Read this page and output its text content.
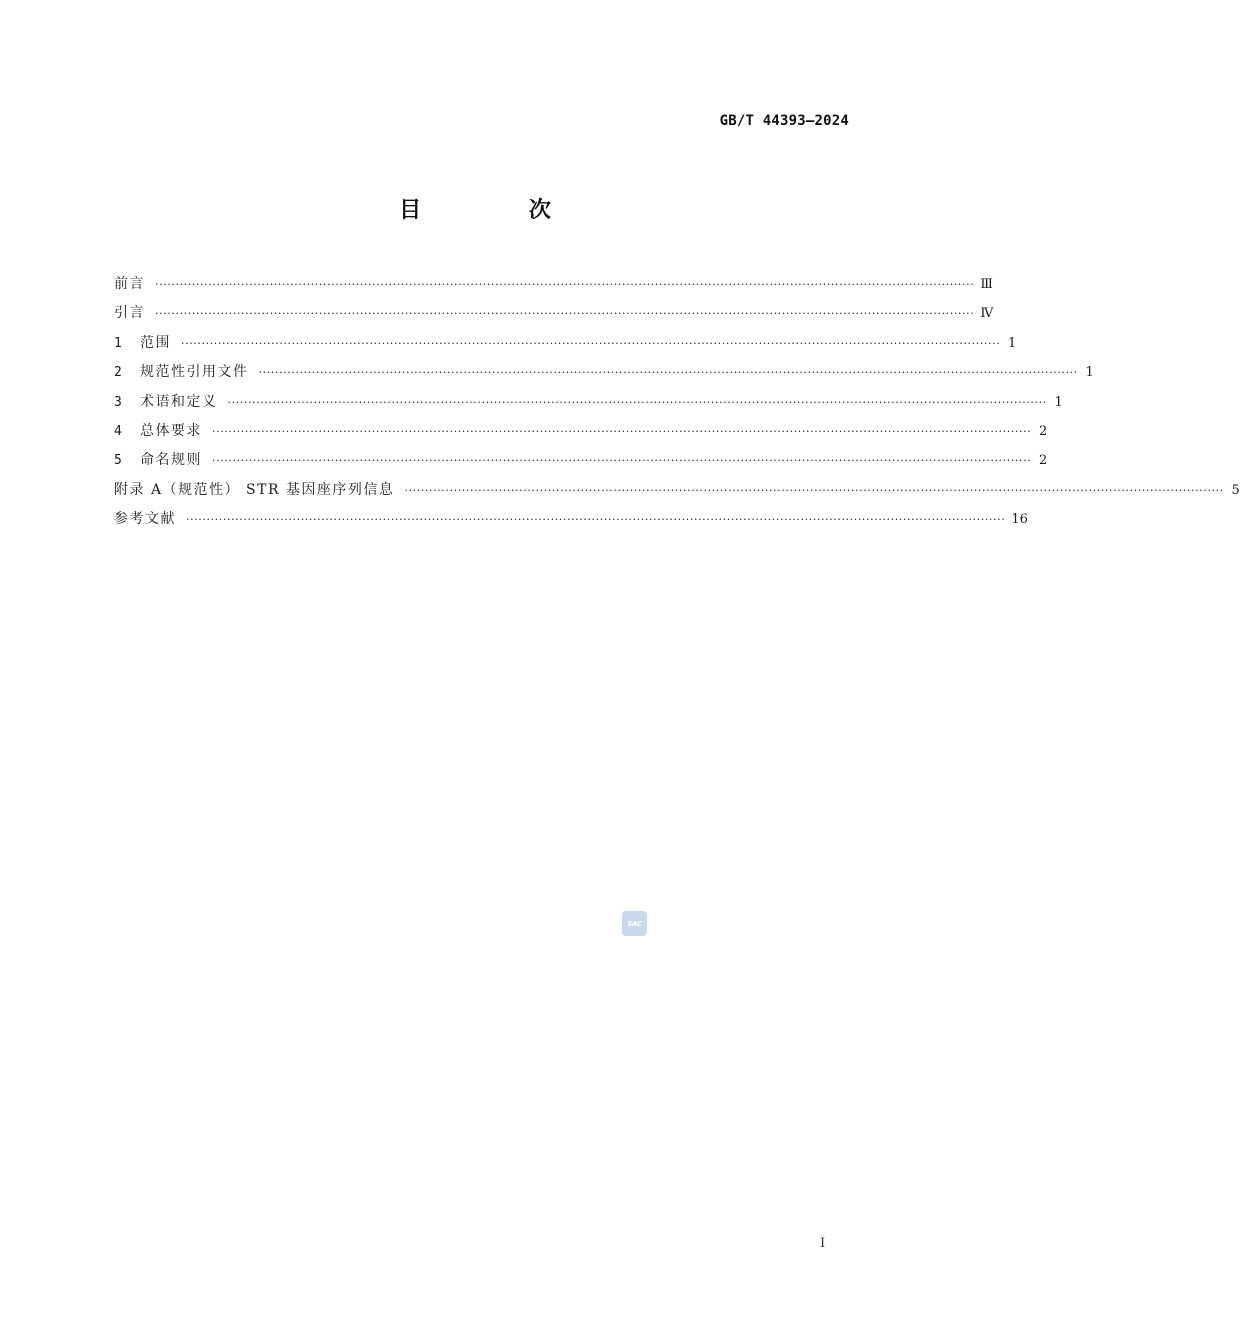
GB/T 44393—2024
目 次
前言 ········································································································································································································ Ⅲ
引言 ········································································································································································································ Ⅳ
1	范围 ········································································································································································································ 1
2	规范性引用文件 ········································································································································································································ 1
3	术语和定义 ········································································································································································································ 1
4	总体要求 ········································································································································································································ 2
5	命名规则 ········································································································································································································ 2
附录 A（规范性） STR 基因座序列信息 ········································································································································································································ 5
参考文献 ········································································································································································································ 16
SAC
I
